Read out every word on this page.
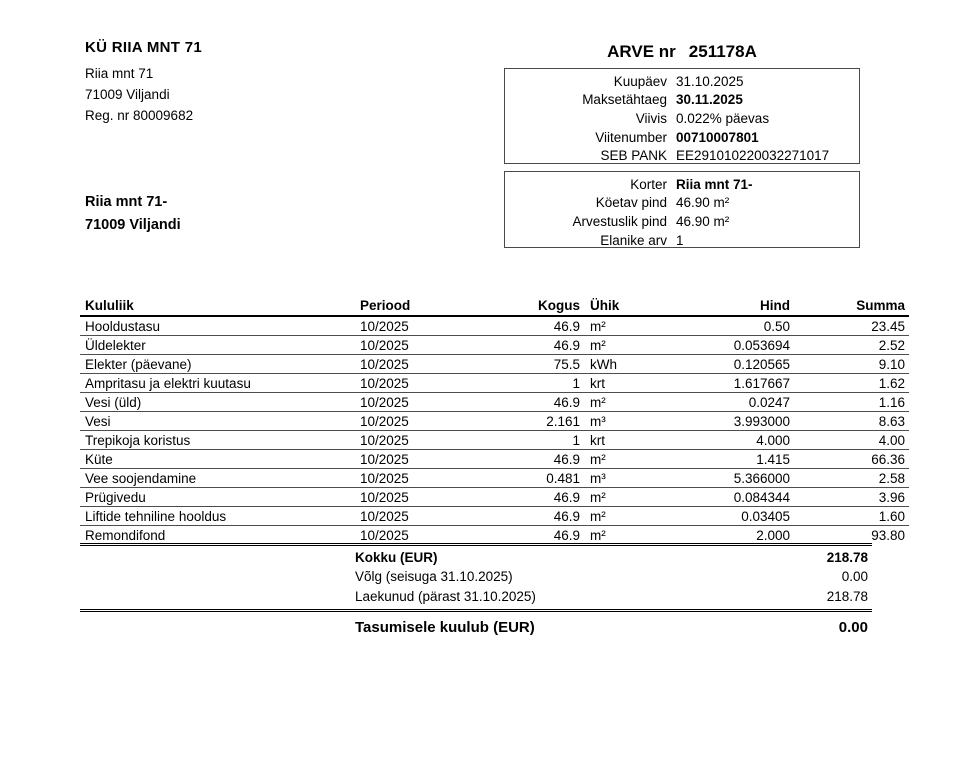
KÜ RIIA MNT 71
Riia mnt 71
71009 Viljandi
Reg. nr 80009682
Riia mnt 71-
71009 Viljandi
ARVE nr 251178A
Kuupäev 31.10.2025
Maksetähtaeg 30.11.2025
Viivis 0.022% päevas
Viitenumber 00710007801
SEB PANK EE291010220032271017
Korter Riia mnt 71-
Köetav pind 46.90 m²
Arvestuslik pind 46.90 m²
Elanike arv 1
Kululiik	Periood	Kogus	Ühik	Hind	Summa
Hooldustasu	10/2025	46.9	m²	0.50	23.45
Üldelekter	10/2025	46.9	m²	0.053694	2.52
Elekter (päevane)	10/2025	75.5	kWh	0.120565	9.10
Ampritasu ja elektri kuutasu	10/2025	1	krt	1.617667	1.62
Vesi (üld)	10/2025	46.9	m²	0.0247	1.16
Vesi	10/2025	2.161	m³	3.993000	8.63
Trepikoja koristus	10/2025	1	krt	4.000	4.00
Küte	10/2025	46.9	m²	1.415	66.36
Vee soojendamine	10/2025	0.481	m³	5.366000	2.58
Prügivedu	10/2025	46.9	m²	0.084344	3.96
Liftide tehniline hooldus	10/2025	46.9	m²	0.03405	1.60
Remondifond	10/2025	46.9	m²	2.000	93.80
Kokku (EUR)	218.78
Võlg (seisuga 31.10.2025)	0.00
Laekunud (pärast 31.10.2025)	218.78
Tasumisele kuulub (EUR)	0.00
